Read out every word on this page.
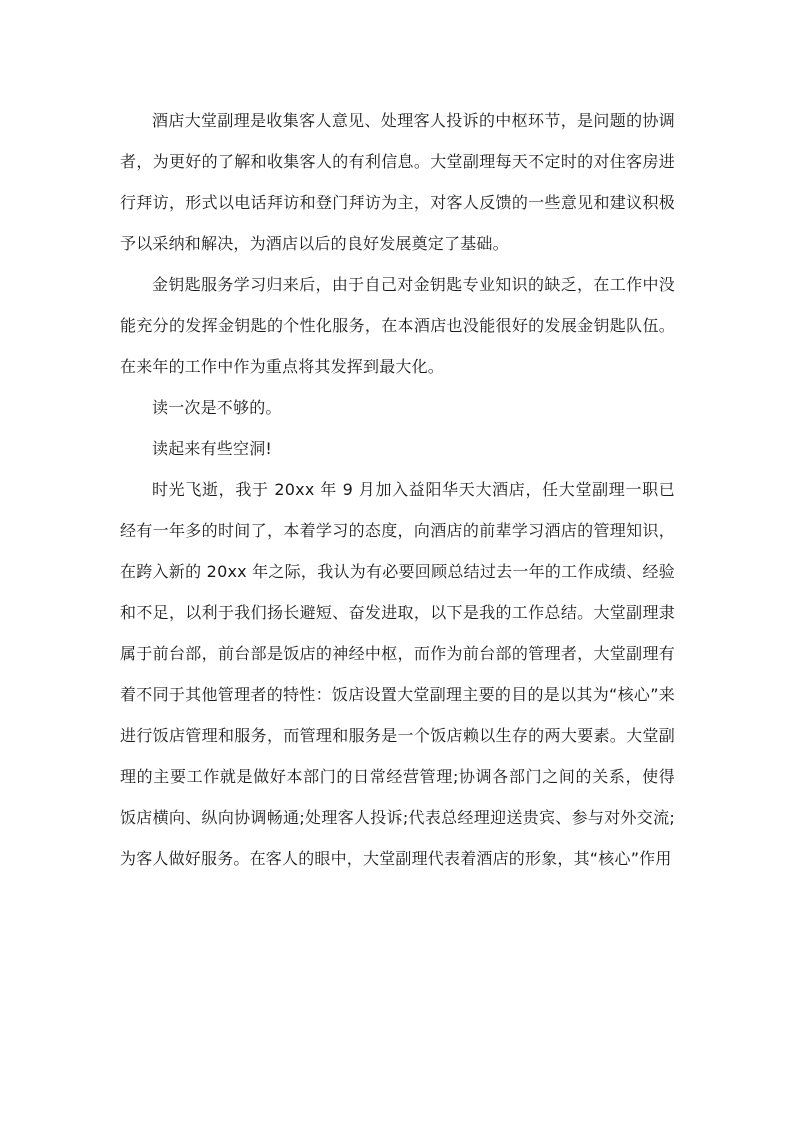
酒店大堂副理是收集客人意见、处理客人投诉的中枢环节，是问题的协调者，为更好的了解和收集客人的有利信息。大堂副理每天不定时的对住客房进行拜访，形式以电话拜访和登门拜访为主，对客人反馈的一些意见和建议积极予以采纳和解决，为酒店以后的良好发展奠定了基础。

金钥匙服务学习归来后，由于自己对金钥匙专业知识的缺乏，在工作中没能充分的发挥金钥匙的个性化服务，在本酒店也没能很好的发展金钥匙队伍。在来年的工作中作为重点将其发挥到最大化。

读一次是不够的。

读起来有些空洞!

时光飞逝，我于 20xx 年 9 月加入益阳华天大酒店，任大堂副理一职已经有一年多的时间了，本着学习的态度，向酒店的前辈学习酒店的管理知识，在跨入新的 20xx 年之际，我认为有必要回顾总结过去一年的工作成绩、经验和不足，以利于我们扬长避短、奋发进取，以下是我的工作总结。大堂副理隶属于前台部，前台部是饭店的神经中枢，而作为前台部的管理者，大堂副理有着不同于其他管理者的特性：饭店设置大堂副理主要的目的是以其为“核心”来进行饭店管理和服务，而管理和服务是一个饭店赖以生存的两大要素。大堂副理的主要工作就是做好本部门的日常经营管理;协调各部门之间的关系，使得饭店横向、纵向协调畅通;处理客人投诉;代表总经理迎送贵宾、参与对外交流;为客人做好服务。在客人的眼中，大堂副理代表着酒店的形象，其“核心”作用
